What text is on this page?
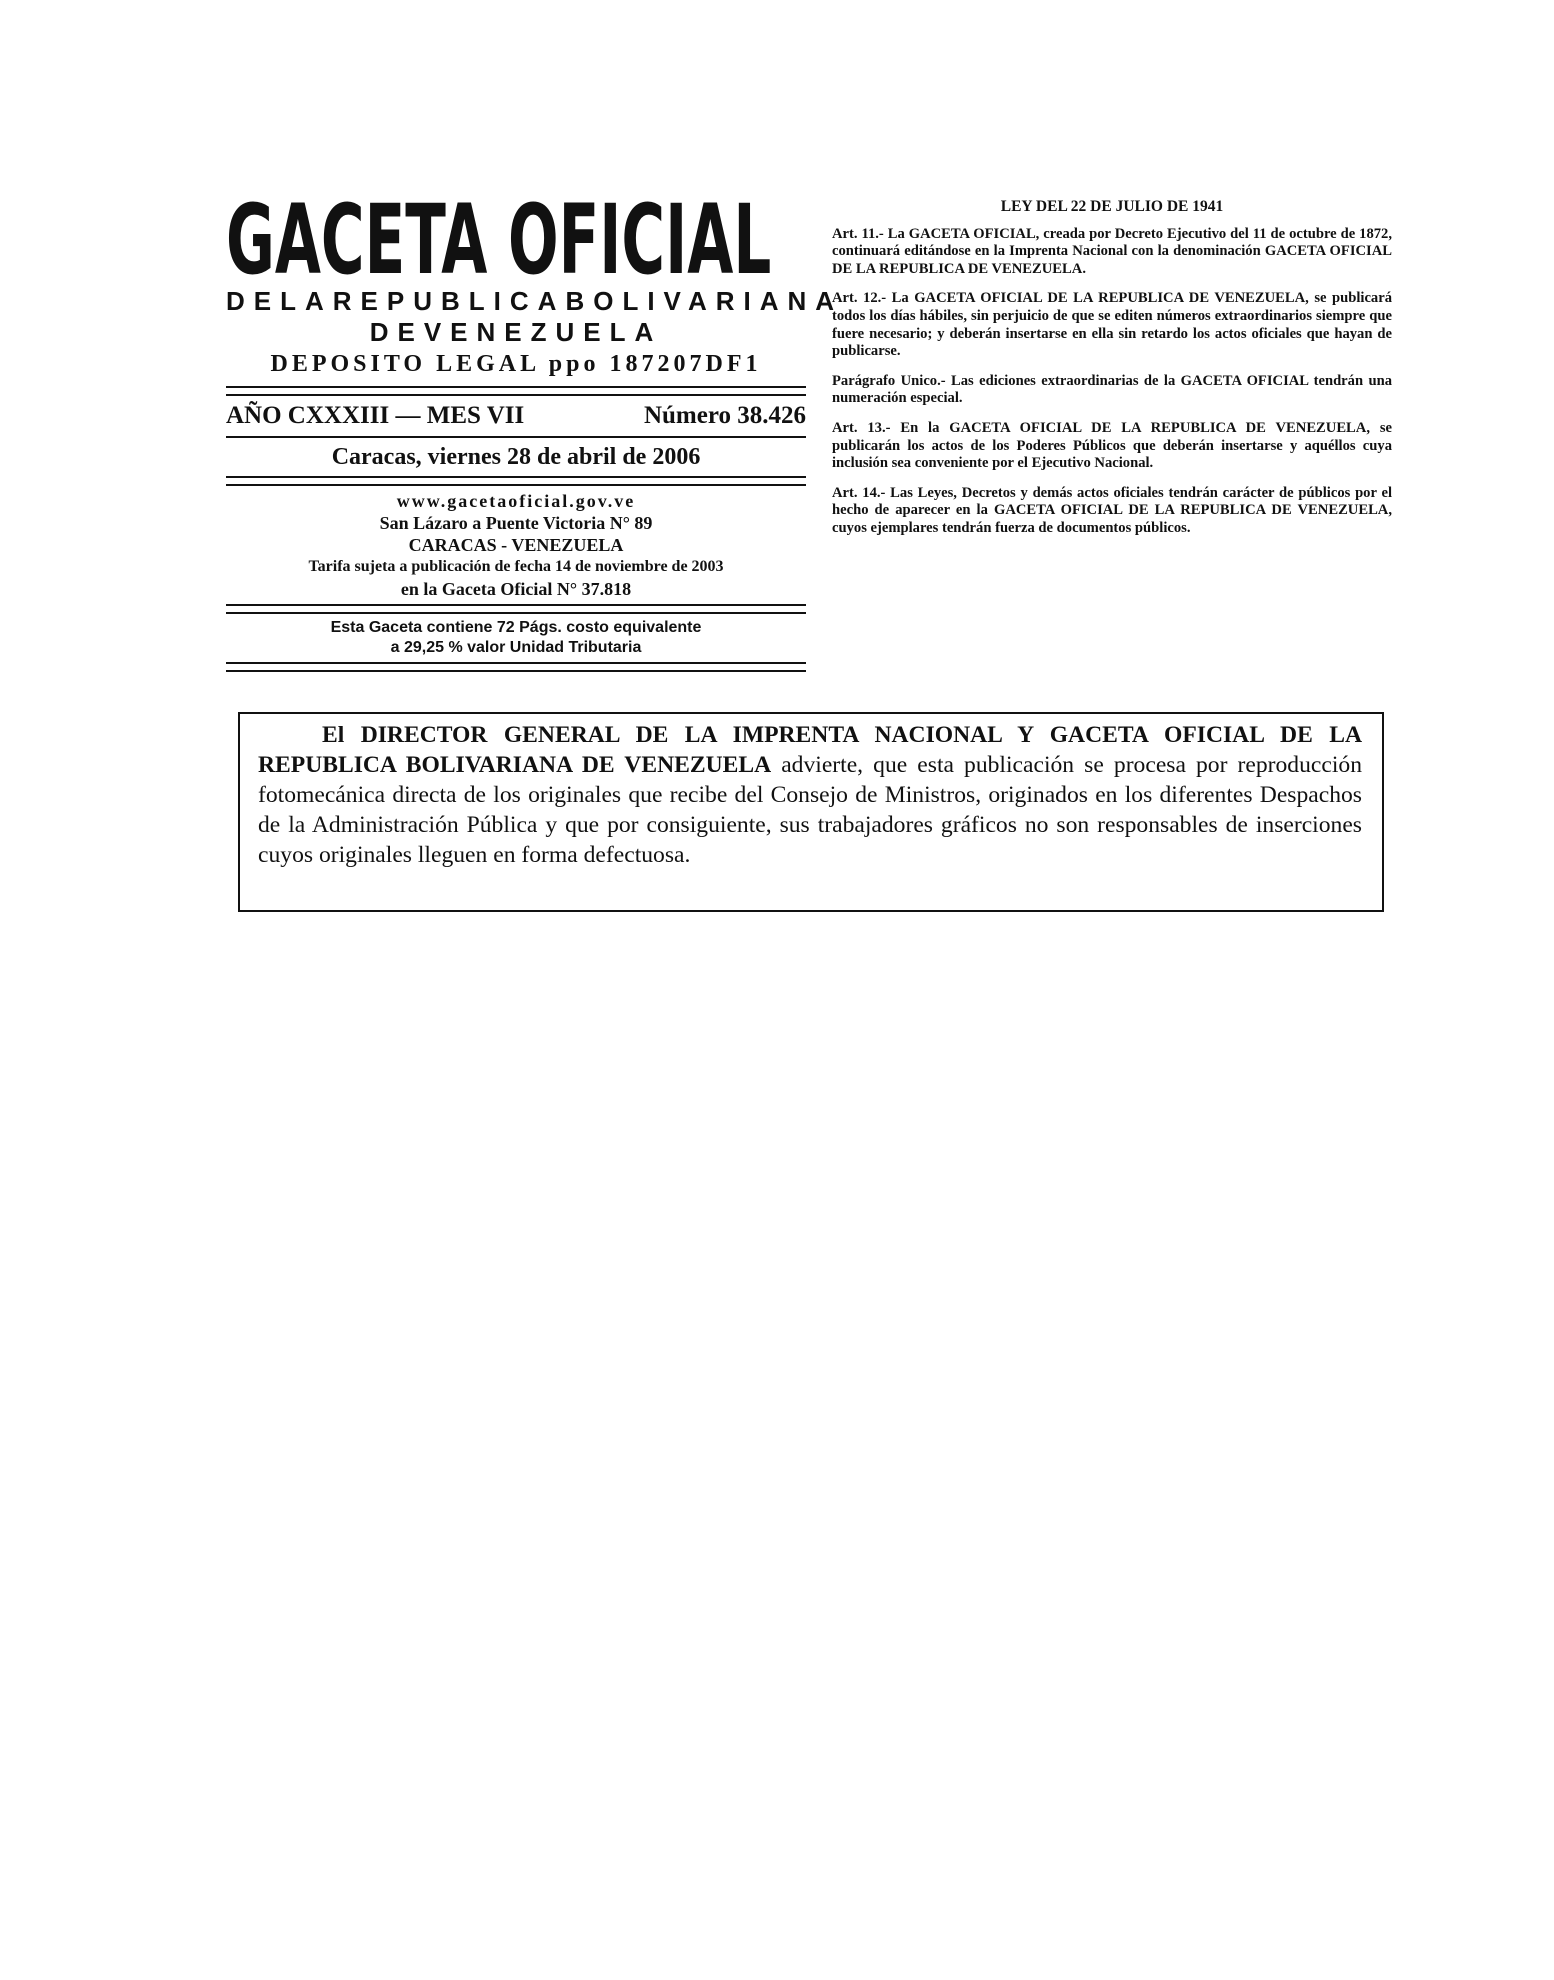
GACETA OFICIAL
DELAREPUBLICABOLIVARIANA
DEVENEZUELA
DEPOSITO LEGAL ppo 187207DF1
AÑO CXXXIII — MES VII	Número 38.426
Caracas, viernes 28 de abril de 2006
www.gacetaoficial.gov.ve
San Lázaro a Puente Victoria N° 89
CARACAS - VENEZUELA
Tarifa sujeta a publicación de fecha 14 de noviembre de 2003
en la Gaceta Oficial N° 37.818
Esta Gaceta contiene 72 Págs. costo equivalente
a 29,25 % valor Unidad Tributaria
LEY DEL 22 DE JULIO DE 1941

Art. 11.- La GACETA OFICIAL, creada por Decreto Ejecutivo del 11 de octubre de 1872, continuará editándose en la Imprenta Nacional con la denominación GACETA OFICIAL DE LA REPUBLICA DE VENEZUELA.

Art. 12.- La GACETA OFICIAL DE LA REPUBLICA DE VENEZUELA, se publicará todos los días hábiles, sin perjuicio de que se editen números extraordinarios siempre que fuere necesario; y deberán insertarse en ella sin retardo los actos oficiales que hayan de publicarse.

Parágrafo Unico.- Las ediciones extraordinarias de la GACETA OFICIAL tendrán una numeración especial.

Art. 13.- En la GACETA OFICIAL DE LA REPUBLICA DE VENEZUELA, se publicarán los actos de los Poderes Públicos que deberán insertarse y aquéllos cuya inclusión sea conveniente por el Ejecutivo Nacional.

Art. 14.- Las Leyes, Decretos y demás actos oficiales tendrán carácter de públicos por el hecho de aparecer en la GACETA OFICIAL DE LA REPUBLICA DE VENEZUELA, cuyos ejemplares tendrán fuerza de documentos públicos.

El DIRECTOR GENERAL DE LA IMPRENTA NACIONAL Y GACETA OFICIAL DE LA REPUBLICA BOLIVARIANA DE VENEZUELA advierte, que esta publicación se procesa por reproducción fotomecánica directa de los originales que recibe del Consejo de Ministros, originados en los diferentes Despachos de la Administración Pública y que por consiguiente, sus trabajadores gráficos no son responsables de inserciones cuyos originales lleguen en forma defectuosa.
